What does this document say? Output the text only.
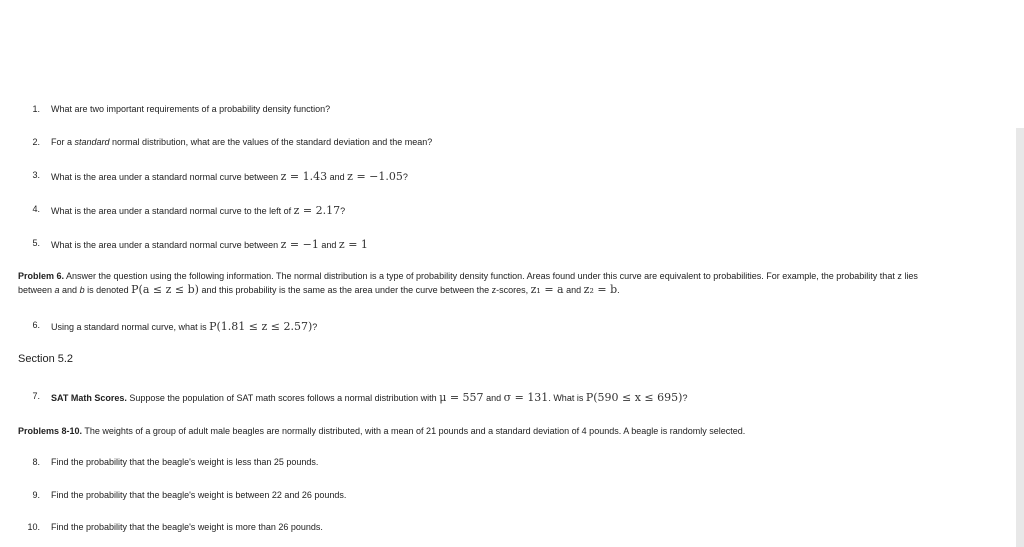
1. What are two important requirements of a probability density function?
2. For a standard normal distribution, what are the values of the standard deviation and the mean?
3. What is the area under a standard normal curve between z = 1.43 and z = −1.05?
4. What is the area under a standard normal curve to the left of z = 2.17?
5. What is the area under a standard normal curve between z = −1 and z = 1
Problem 6. Answer the question using the following information. The normal distribution is a type of probability density function. Areas found under this curve are equivalent to probabilities. For example, the probability that z lies
between a and b is denoted P(a ≤ z ≤ b) and this probability is the same as the area under the curve between the z-scores, z₁ = a and z₂ = b.
6. Using a standard normal curve, what is P(1.81 ≤ z ≤ 2.57)?
Section 5.2
7. SAT Math Scores. Suppose the population of SAT math scores follows a normal distribution with μ = 557 and σ = 131. What is P(590 ≤ x ≤ 695)?
Problems 8-10. The weights of a group of adult male beagles are normally distributed, with a mean of 21 pounds and a standard deviation of 4 pounds. A beagle is randomly selected.
8. Find the probability that the beagle's weight is less than 25 pounds.
9. Find the probability that the beagle's weight is between 22 and 26 pounds.
10. Find the probability that the beagle's weight is more than 26 pounds.
